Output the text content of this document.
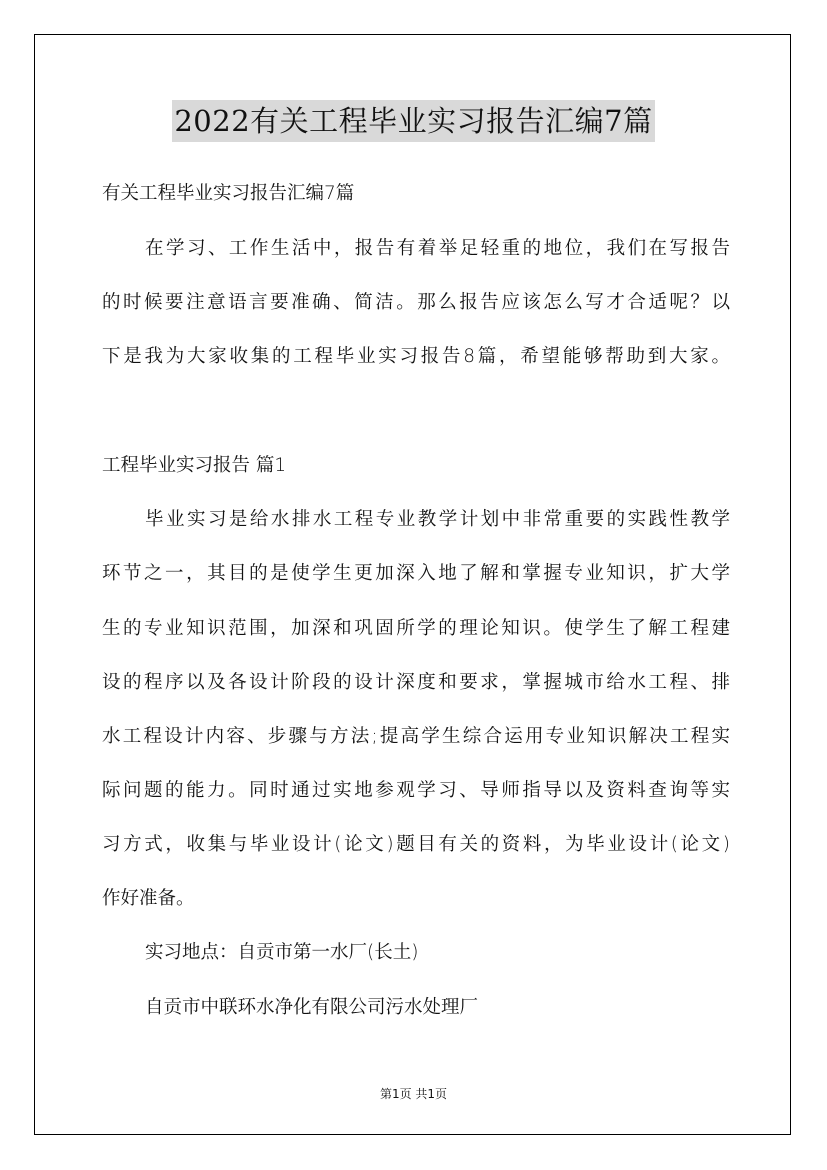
2022有关工程毕业实习报告汇编7篇
有关工程毕业实习报告汇编7篇
在学习、工作生活中，报告有着举足轻重的地位，我们在写报告
的时候要注意语言要准确、简洁。那么报告应该怎么写才合适呢？以
下是我为大家收集的工程毕业实习报告8篇，希望能够帮助到大家。
工程毕业实习报告 篇1
毕业实习是给水排水工程专业教学计划中非常重要的实践性教学
环节之一，其目的是使学生更加深入地了解和掌握专业知识，扩大学
生的专业知识范围，加深和巩固所学的理论知识。使学生了解工程建
设的程序以及各设计阶段的设计深度和要求，掌握城市给水工程、排
水工程设计内容、步骤与方法;提高学生综合运用专业知识解决工程实
际问题的能力。同时通过实地参观学习、导师指导以及资料查询等实
习方式，收集与毕业设计(论文)题目有关的资料，为毕业设计(论文)
作好准备。
实习地点：自贡市第一水厂(长土)
自贡市中联环水净化有限公司污水处理厂
第1页 共1页
